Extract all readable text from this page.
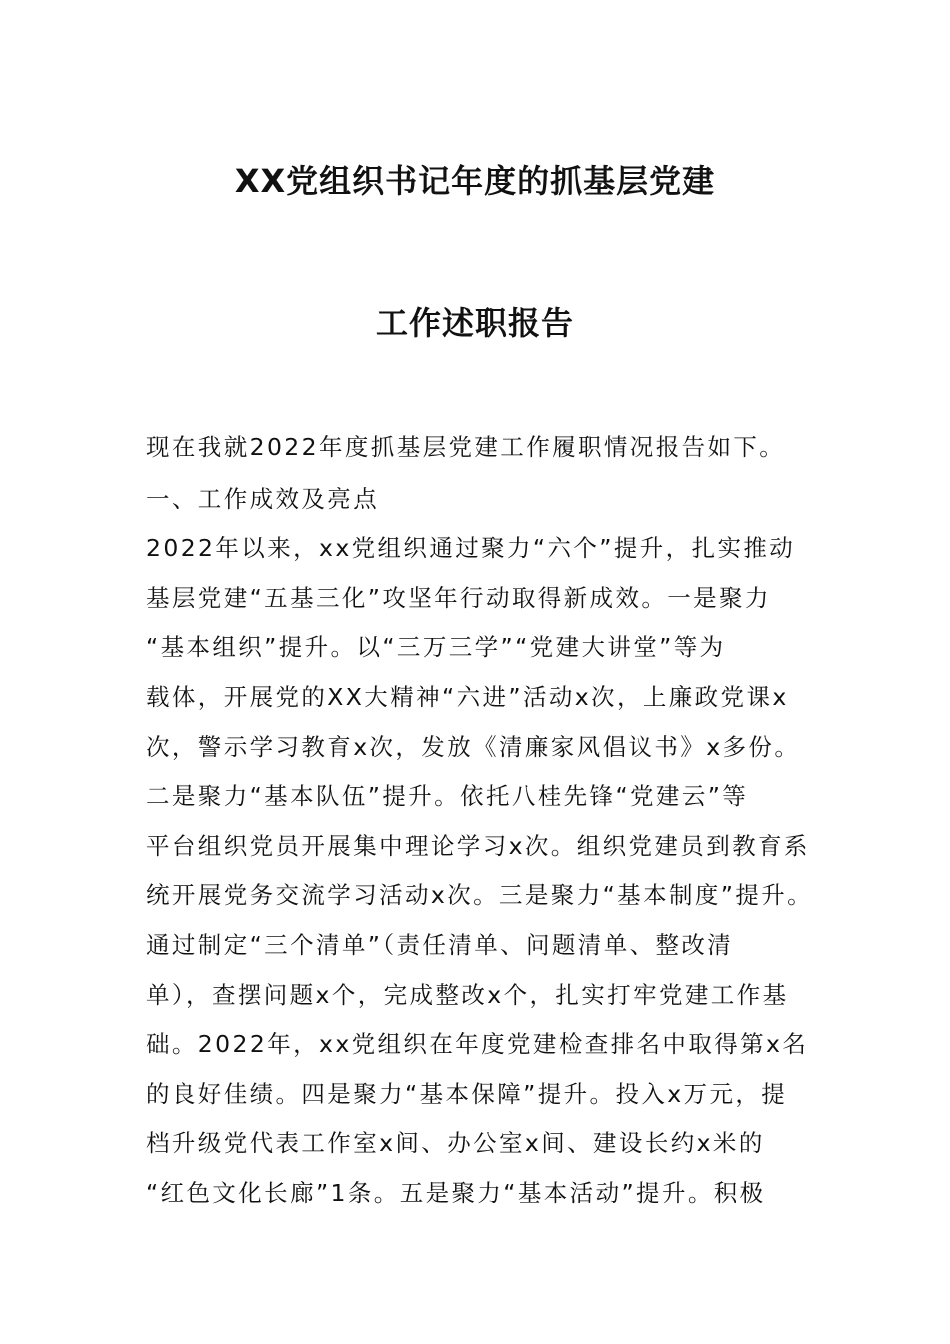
XX党组织书记年度的抓基层党建
工作述职报告
现在我就2022年度抓基层党建工作履职情况报告如下。
一、工作成效及亮点
2022年以来，xx党组织通过聚力“六个”提升，扎实推动
基层党建“五基三化”攻坚年行动取得新成效。一是聚力
“基本组织”提升。以“三万三学”“党建大讲堂”等为
载体，开展党的XX大精神“六进”活动x次，上廉政党课x
次，警示学习教育x次，发放《清廉家风倡议书》x多份。
二是聚力“基本队伍”提升。依托八桂先锋“党建云”等
平台组织党员开展集中理论学习x次。组织党建员到教育系
统开展党务交流学习活动x次。三是聚力“基本制度”提升。
通过制定“三个清单”（责任清单、问题清单、整改清
单），查摆问题x个，完成整改x个，扎实打牢党建工作基
础。2022年，xx党组织在年度党建检查排名中取得第x名
的良好佳绩。四是聚力“基本保障”提升。投入x万元，提
档升级党代表工作室x间、办公室x间、建设长约x米的
“红色文化长廊”1条。五是聚力“基本活动”提升。积极
